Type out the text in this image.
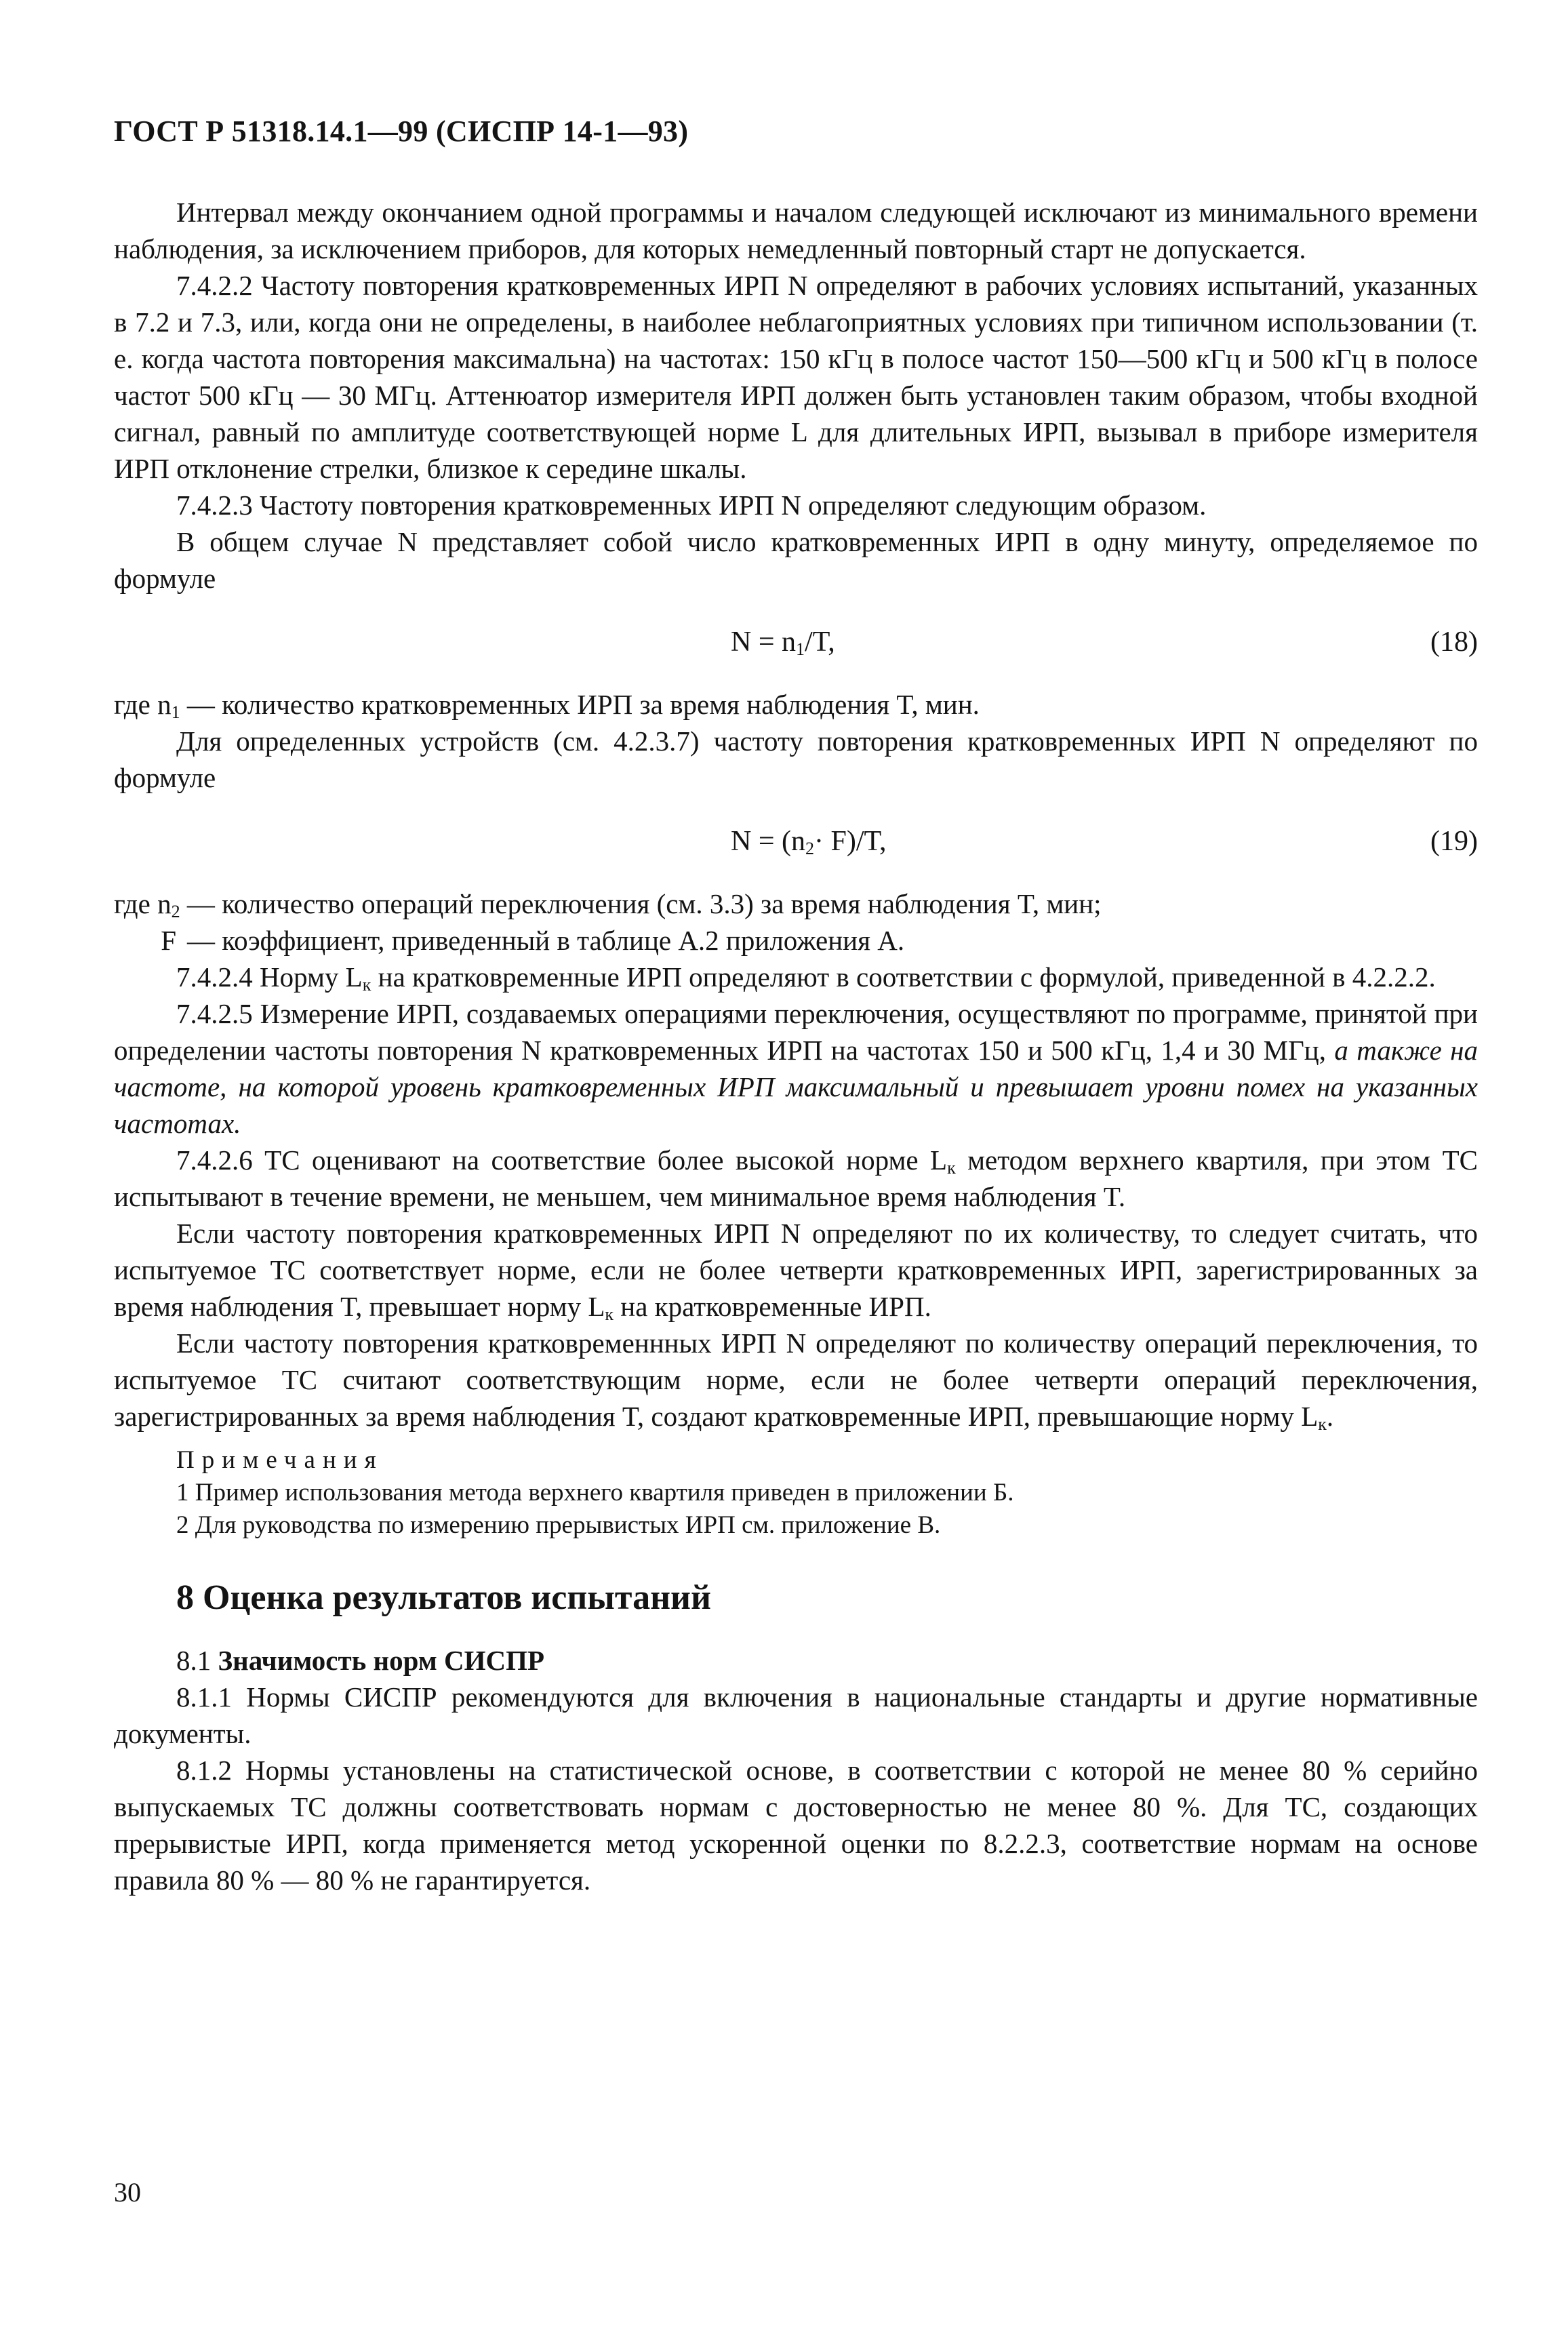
ГОСТ Р 51318.14.1—99 (СИСПР 14-1—93)

Интервал между окончанием одной программы и началом следующей исключают из минимального времени наблюдения, за исключением приборов, для которых немедленный повторный старт не допускается.

7.4.2.2 Частоту повторения кратковременных ИРП N определяют в рабочих условиях испытаний, указанных в 7.2 и 7.3, или, когда они не определены, в наиболее неблагоприятных условиях при типичном использовании (т. е. когда частота повторения максимальна) на частотах: 150 кГц в полосе частот 150—500 кГц и 500 кГц в полосе частот 500 кГц — 30 МГц. Аттенюатор измерителя ИРП должен быть установлен таким образом, чтобы входной сигнал, равный по амплитуде соответствующей норме L для длительных ИРП, вызывал в приборе измерителя ИРП отклонение стрелки, близкое к середине шкалы.

7.4.2.3 Частоту повторения кратковременных ИРП N определяют следующим образом.

В общем случае N представляет собой число кратковременных ИРП в одну минуту, определяемое по формуле

$N = n_1/T$,	(18)

где $n_1$ — количество кратковременных ИРП за время наблюдения T, мин.

Для определенных устройств (см. 4.2.3.7) частоту повторения кратковременных ИРП N определяют по формуле

$N = (n_2\cdot F)/T$,	(19)

где $n_2$ — количество операций переключения (см. 3.3) за время наблюдения T, мин;

F — коэффициент, приведенный в таблице А.2 приложения А.

7.4.2.4 Норму $L_к$ на кратковременные ИРП определяют в соответствии с формулой, приведенной в 4.2.2.2.

7.4.2.5 Измерение ИРП, создаваемых операциями переключения, осуществляют по программе, принятой при определении частоты повторения N кратковременных ИРП на частотах 150 и 500 кГц, 1,4 и 30 МГц, а также на частоте, на которой уровень кратковременных ИРП максимальный и превышает уровни помех на указанных частотах.

7.4.2.6 ТС оценивают на соответствие более высокой норме $L_к$ методом верхнего квартиля, при этом ТС испытывают в течение времени, не меньшем, чем минимальное время наблюдения T.

Если частоту повторения кратковременных ИРП N определяют по их количеству, то следует считать, что испытуемое ТС соответствует норме, если не более четверти кратковременных ИРП, зарегистрированных за время наблюдения T, превышает норму $L_к$ на кратковременные ИРП.

Если частоту повторения кратковременнных ИРП N определяют по количеству операций переключения, то испытуемое ТС считают соответствующим норме, если не более четверти операций переключения, зарегистрированных за время наблюдения T, создают кратковременные ИРП, превышающие норму $L_к$.

Примечания

1 Пример использования метода верхнего квартиля приведен в приложении Б.

2 Для руководства по измерению прерывистых ИРП см. приложение В.

8 Оценка результатов испытаний

8.1 Значимость норм СИСПР

8.1.1 Нормы СИСПР рекомендуются для включения в национальные стандарты и другие нормативные документы.

8.1.2 Нормы установлены на статистической основе, в соответствии с которой не менее 80 % серийно выпускаемых ТС должны соответствовать нормам с достоверностью не менее 80 %. Для ТС, создающих прерывистые ИРП, когда применяется метод ускоренной оценки по 8.2.2.3, соответствие нормам на основе правила 80 % — 80 % не гарантируется.

30
